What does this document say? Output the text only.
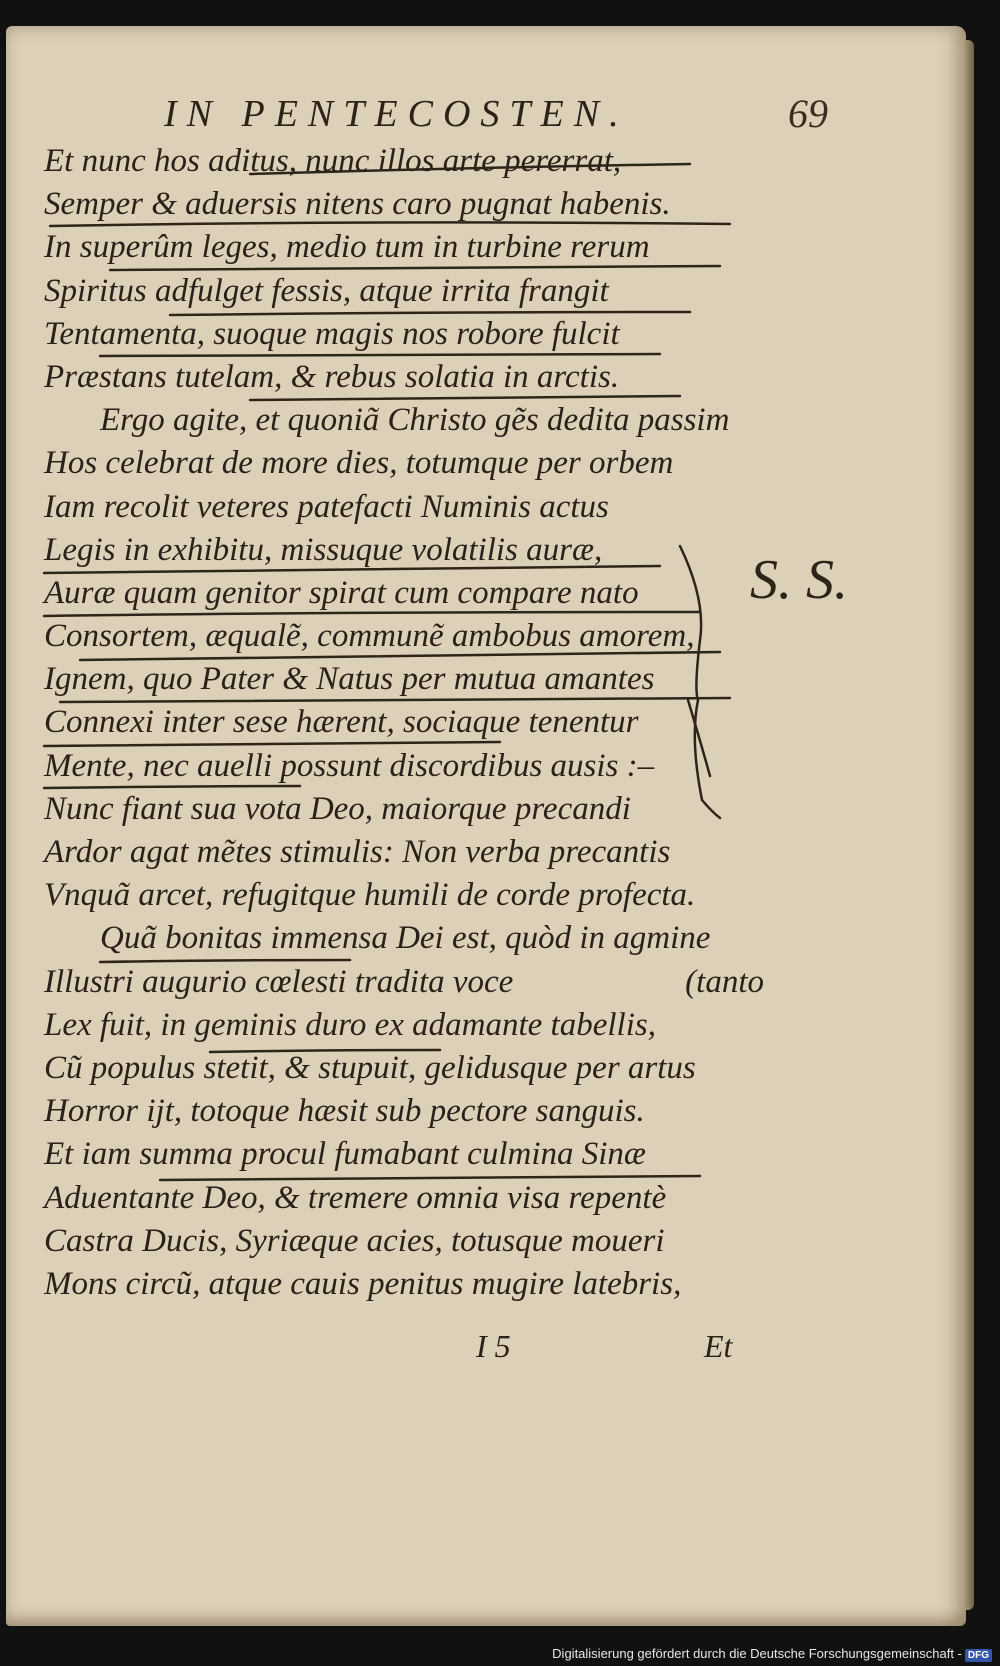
IN PENTECOSTEN.	69
Et nunc hos aditus, nunc illos arte pererrat,
Semper & aduersis nitens caro pugnat habenis.
In superûm leges, medio tum in turbine rerum
Spiritus adfulget fessis, atque irrita frangit
Tentamenta, suoque magis nos robore fulcit
Præstans tutelam, & rebus solatia in arctis.
Ergo agite, et quoniã Christo gẽs dedita passim
Hos celebrat de more dies, totumque per orbem
Iam recolit veteres patefacti Numinis actus
Legis in exhibitu, missuque volatilis auræ,
Auræ quam genitor spirat cum compare nato
Consortem, æqualẽ, communẽ ambobus amorem,
Ignem, quo Pater & Natus per mutua amantes
Connexi inter sese hærent, sociaque tenentur
Mente, nec auelli possunt discordibus ausis :–
Nunc fiant sua vota Deo, maiorque precandi
Ardor agat mẽtes stimulis: Non verba precantis
Vnquã arcet, refugitque humili de corde profecta.
Quã bonitas immensa Dei est, quòd in agmine
Illustri augurio cœlesti tradita voce	(tanto
Lex fuit, in geminis duro ex adamante tabellis,
Cũ populus stetit, & stupuit, gelidusque per artus
Horror ijt, totoque hæsit sub pectore sanguis.
Et iam summa procul fumabant culmina Sinæ
Aduentante Deo, & tremere omnia visa repentè
Castra Ducis, Syriæque acies, totusque moueri
Mons circũ, atque cauis penitus mugire latebris,
S. S.
I 5	Et
Digitalisierung gefördert durch die Deutsche Forschungsgemeinschaft - DFG
